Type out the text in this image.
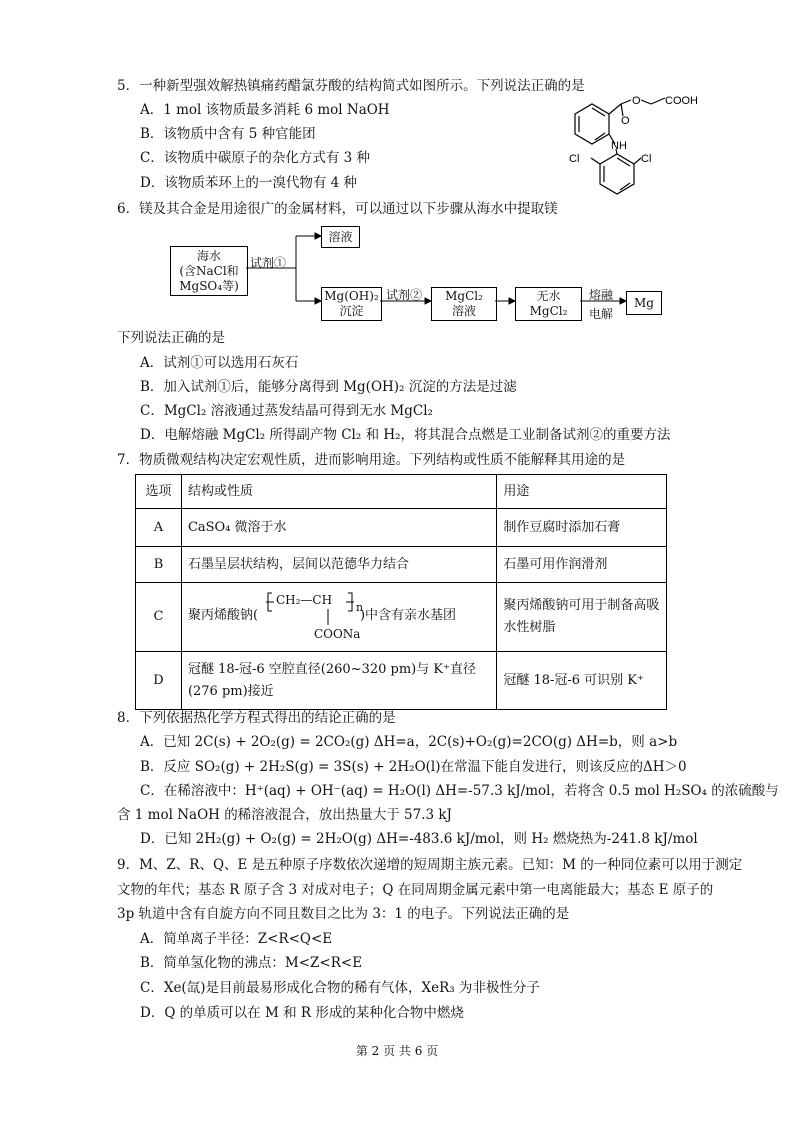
5．一种新型强效解热镇痛药醋氯芬酸的结构简式如图所示。下列说法正确的是
A．1 mol 该物质最多消耗 6 mol NaOH
B．该物质中含有 5 种官能团
C．该物质中碳原子的杂化方式有 3 种
D．该物质苯环上的一溴代物有 4 种
O
O COOH
NH
Cl	Cl
6．镁及其合金是用途很广的金属材料，可以通过以下步骤从海水中提取镁
海水
(含NaCl和
MgSO₄等)
试剂①
溶液
Mg(OH)₂
沉淀
试剂② MgCl₂
溶液
无水
MgCl₂
熔融
电解
Mg
下列说法正确的是
A．试剂①可以选用石灰石
B．加入试剂①后，能够分离得到 Mg(OH)₂ 沉淀的方法是过滤
C．MgCl₂ 溶液通过蒸发结晶可得到无水 MgCl₂
D．电解熔融 MgCl₂ 所得副产物 Cl₂ 和 H₂，将其混合点燃是工业制备试剂②的重要方法
7．物质微观结构决定宏观性质，进而影响用途。下列结构或性质不能解释其用途的是
选项	结构或性质	用途
A	CaSO₄ 微溶于水	制作豆腐时添加石膏
B	石墨呈层状结构，层间以范德华力结合	石墨可用作润滑剂
C	聚丙烯酸钠(
CH₂—CH
n
COONa
)中含有亲水基团	聚丙烯酸钠可用于制备高吸水性树脂
D	冠醚 18-冠-6 空腔直径(260~320 pm)与 K⁺直径(276 pm)接近	冠醚 18-冠-6 可识别 K⁺
8．下列依据热化学方程式得出的结论正确的是
A．已知 2C(s) + 2O₂(g) = 2CO₂(g) ΔH=a，2C(s)+O₂(g)=2CO(g) ΔH=b，则 a>b
B．反应 SO₂(g) + 2H₂S(g) = 3S(s) + 2H₂O(l)在常温下能自发进行，则该反应的ΔH＞0
C．在稀溶液中：H⁺(aq) + OH⁻(aq) = H₂O(l) ΔH=-57.3 kJ/mol，若将含 0.5 mol H₂SO₄ 的浓硫酸与
含 1 mol NaOH 的稀溶液混合，放出热量大于 57.3 kJ
D．已知 2H₂(g) + O₂(g) = 2H₂O(g) ΔH=-483.6 kJ/mol，则 H₂ 燃烧热为-241.8 kJ/mol
9．M、Z、R、Q、E 是五种原子序数依次递增的短周期主族元素。已知：M 的一种同位素可以用于测定
文物的年代；基态 R 原子含 3 对成对电子；Q 在同周期金属元素中第一电离能最大；基态 E 原子的
3p 轨道中含有自旋方向不同且数目之比为 3：1 的电子。下列说法正确的是
A．简单离子半径：Z<R<Q<E
B．简单氢化物的沸点：M<Z<R<E
C．Xe(氙)是目前最易形成化合物的稀有气体，XeR₃ 为非极性分子
D．Q 的单质可以在 M 和 R 形成的某种化合物中燃烧
第 2 页 共 6 页
